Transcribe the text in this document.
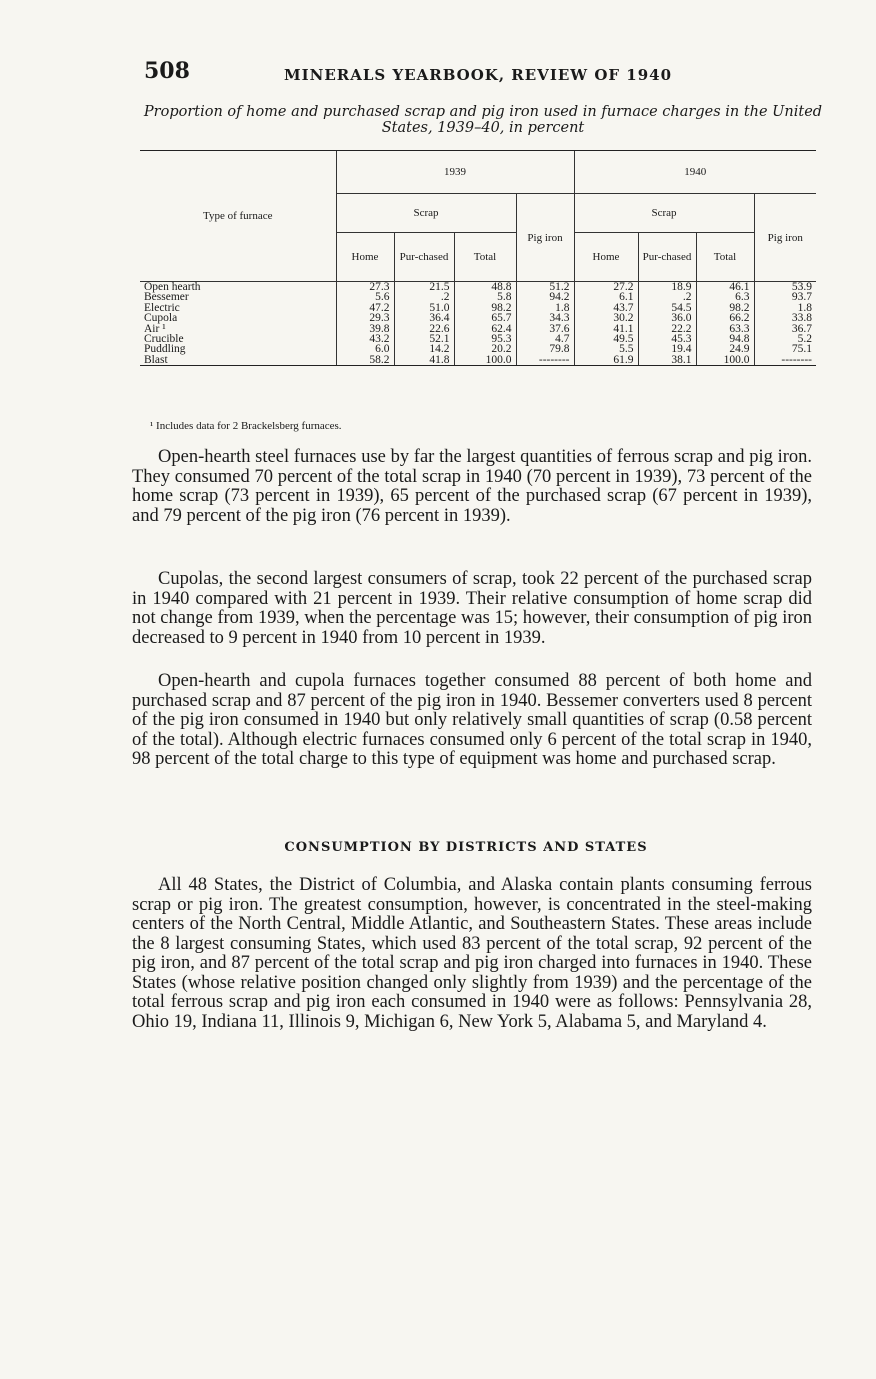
508	MINERALS YEARBOOK, REVIEW OF 1940
Proportion of home and purchased scrap and pig iron used in furnace charges in the United States, 1939–40, in percent
Type of furnace	1939				1940			
	Scrap			Pig iron	Scrap			Pig iron
	Home	Pur-chased	Total		Home	Pur-chased	Total	
Open hearth	27.3	21.5	48.8	51.2	27.2	18.9	46.1	53.9
Bessemer	5.6	.2	5.8	94.2	6.1	.2	6.3	93.7
Electric	47.2	51.0	98.2	1.8	43.7	54.5	98.2	1.8
Cupola	29.3	36.4	65.7	34.3	30.2	36.0	66.2	33.8
Air ¹	39.8	22.6	62.4	37.6	41.1	22.2	63.3	36.7
Crucible	43.2	52.1	95.3	4.7	49.5	45.3	94.8	5.2
Puddling	6.0	14.2	20.2	79.8	5.5	19.4	24.9	75.1
Blast	58.2	41.8	100.0	--------	61.9	38.1	100.0	--------
¹ Includes data for 2 Brackelsberg furnaces.

Open-hearth steel furnaces use by far the largest quantities of ferrous scrap and pig iron. They consumed 70 percent of the total scrap in 1940 (70 percent in 1939), 73 percent of the home scrap (73 percent in 1939), 65 percent of the purchased scrap (67 percent in 1939), and 79 percent of the pig iron (76 percent in 1939).

Cupolas, the second largest consumers of scrap, took 22 percent of the purchased scrap in 1940 compared with 21 percent in 1939. Their relative consumption of home scrap did not change from 1939, when the percentage was 15; however, their consumption of pig iron decreased to 9 percent in 1940 from 10 percent in 1939.

Open-hearth and cupola furnaces together consumed 88 percent of both home and purchased scrap and 87 percent of the pig iron in 1940. Bessemer converters used 8 percent of the pig iron consumed in 1940 but only relatively small quantities of scrap (0.58 percent of the total). Although electric furnaces consumed only 6 percent of the total scrap in 1940, 98 percent of the total charge to this type of equipment was home and purchased scrap.

CONSUMPTION BY DISTRICTS AND STATES

All 48 States, the District of Columbia, and Alaska contain plants consuming ferrous scrap or pig iron. The greatest consumption, however, is concentrated in the steel-making centers of the North Central, Middle Atlantic, and Southeastern States. These areas include the 8 largest consuming States, which used 83 percent of the total scrap, 92 percent of the pig iron, and 87 percent of the total scrap and pig iron charged into furnaces in 1940. These States (whose relative position changed only slightly from 1939) and the percentage of the total ferrous scrap and pig iron each consumed in 1940 were as follows: Pennsylvania 28, Ohio 19, Indiana 11, Illinois 9, Michigan 6, New York 5, Alabama 5, and Maryland 4.
